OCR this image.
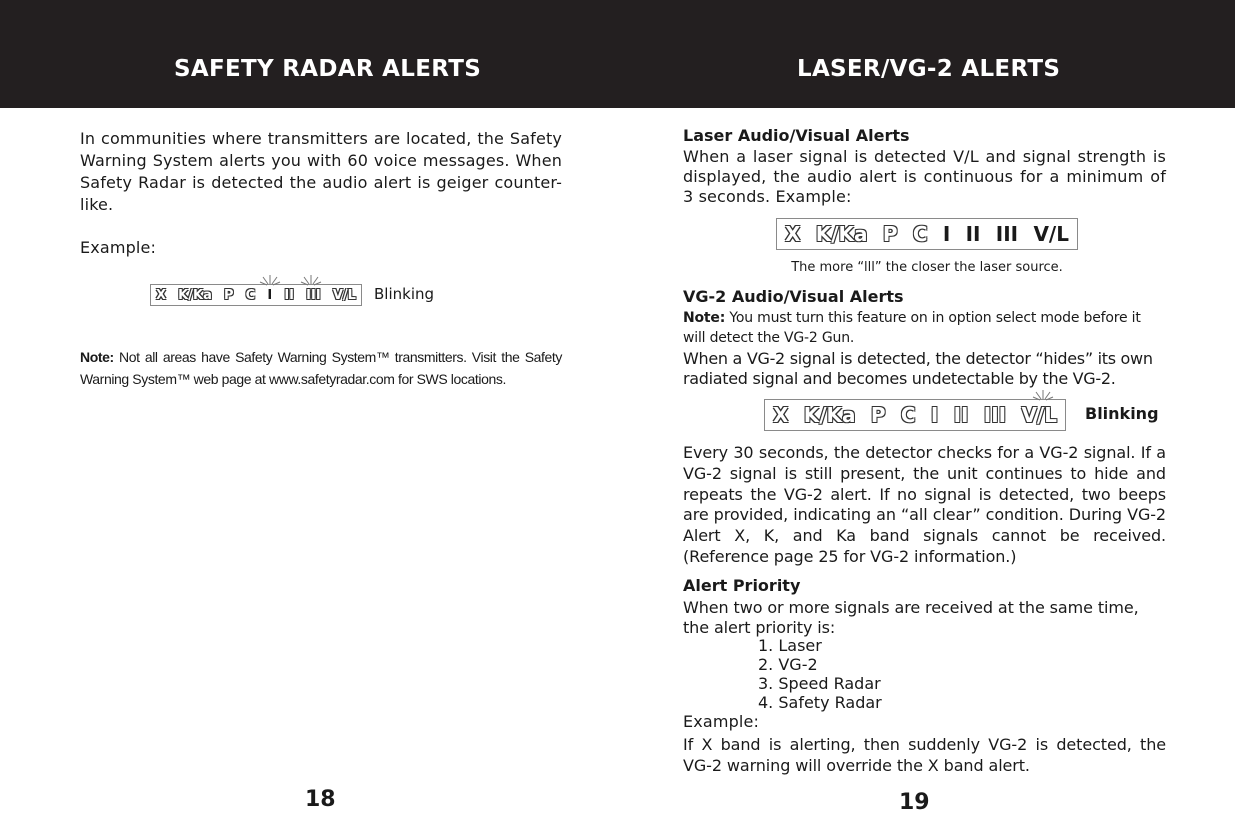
SAFETY RADAR ALERTS	LASER/VG-2 ALERTS

In communities where transmitters are located, the Safety Warning System alerts you with 60 voice messages. When Safety Radar is detected the audio alert is geiger counter-like.

Example:

X K/Ka P C I II III V/L Blinking

Note: Not all areas have Safety Warning System™ transmitters. Visit the Safety Warning System™ web page at www.safetyradar.com for SWS locations.

18

Laser Audio/Visual Alerts

When a laser signal is detected V/L and signal strength is displayed, the audio alert is continuous for a minimum of 3 seconds. Example:

X K/Ka P C I II III V/L

The more “lll” the closer the laser source.

VG-2 Audio/Visual Alerts

Note: You must turn this feature on in option select mode before it will detect the VG-2 Gun.

When a VG-2 signal is detected, the detector “hides” its own radiated signal and becomes undetectable by the VG-2.

X K/Ka P C I II III V/L Blinking

Every 30 seconds, the detector checks for a VG-2 signal. If a VG-2 signal is still present, the unit continues to hide and repeats the VG-2 alert. If no signal is detected, two beeps are provided, indicating an “all clear” condition. During VG-2 Alert X, K, and Ka band signals cannot be received. (Reference page 25 for VG-2 information.)

Alert Priority

When two or more signals are received at the same time, the alert priority is:

1. Laser

2. VG-2

3. Speed Radar

4. Safety Radar

Example:

If X band is alerting, then suddenly VG-2 is detected, the VG-2 warning will override the X band alert.

19
